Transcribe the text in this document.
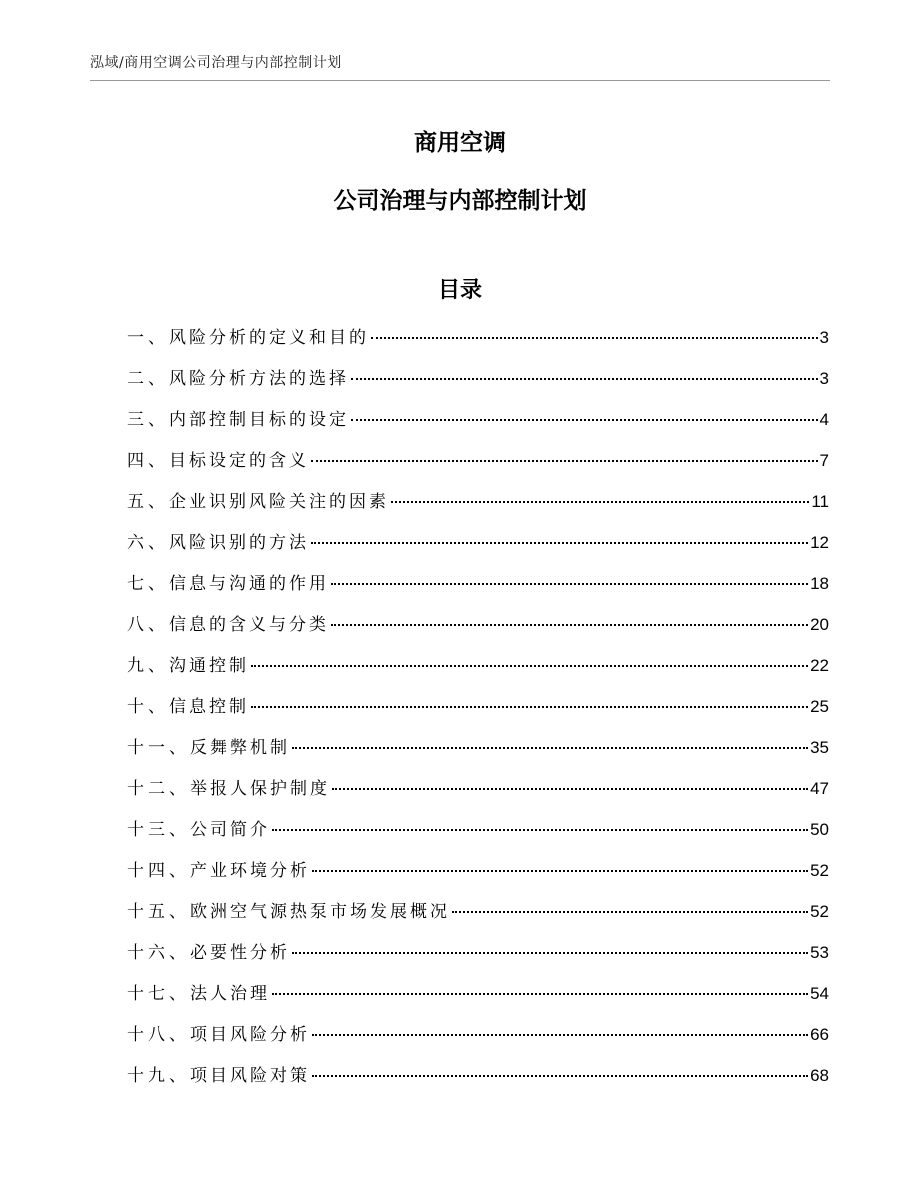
泓域/商用空调公司治理与内部控制计划
商用空调
公司治理与内部控制计划
目录
一、 风险分析的定义和目的	3
二、 风险分析方法的选择	3
三、 内部控制目标的设定	4
四、 目标设定的含义	7
五、 企业识别风险关注的因素	11
六、 风险识别的方法	12
七、 信息与沟通的作用	18
八、 信息的含义与分类	20
九、 沟通控制	22
十、 信息控制	25
十一、 反舞弊机制	35
十二、 举报人保护制度	47
十三、 公司简介	50
十四、 产业环境分析	52
十五、 欧洲空气源热泵市场发展概况	52
十六、 必要性分析	53
十七、 法人治理	54
十八、 项目风险分析	66
十九、 项目风险对策	68
